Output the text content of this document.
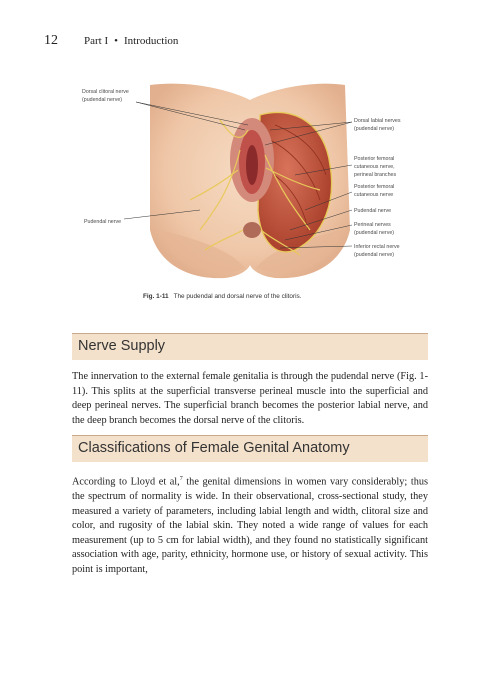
12 Part I • Introduction
Dorsal clitoral nerve
(pudendal nerve)
Pudendal nerve
Dorsal labial nerves
(pudendal nerve)
Posterior femoral
cutaneous nerve,
perineal branches
Posterior femoral
cutaneous nerve
Pudendal nerve
Perineal nerves
(pudendal nerve)
Inferior rectal nerve
(pudendal nerve)
Fig. 1-11 The pudendal and dorsal nerve of the clitoris.
Nerve Supply

The innervation to the external female genitalia is through the pudendal nerve (Fig. 1-11). This splits at the superficial transverse perineal muscle into the superficial and deep perineal nerves. The superficial branch becomes the posterior labial nerve, and the deep branch becomes the dorsal nerve of the clitoris.

Classifications of Female Genital Anatomy

According to Lloyd et al,$^7$ the genital dimensions in women vary considerably; thus the spectrum of normality is wide. In their observational, cross-sectional study, they measured a variety of parameters, including labial length and width, clitoral size and color, and rugosity of the labial skin. They noted a wide range of values for each measurement (up to 5 cm for labial width), and they found no statistically significant association with age, parity, ethnicity, hormone use, or history of sexual activity. This point is important,
